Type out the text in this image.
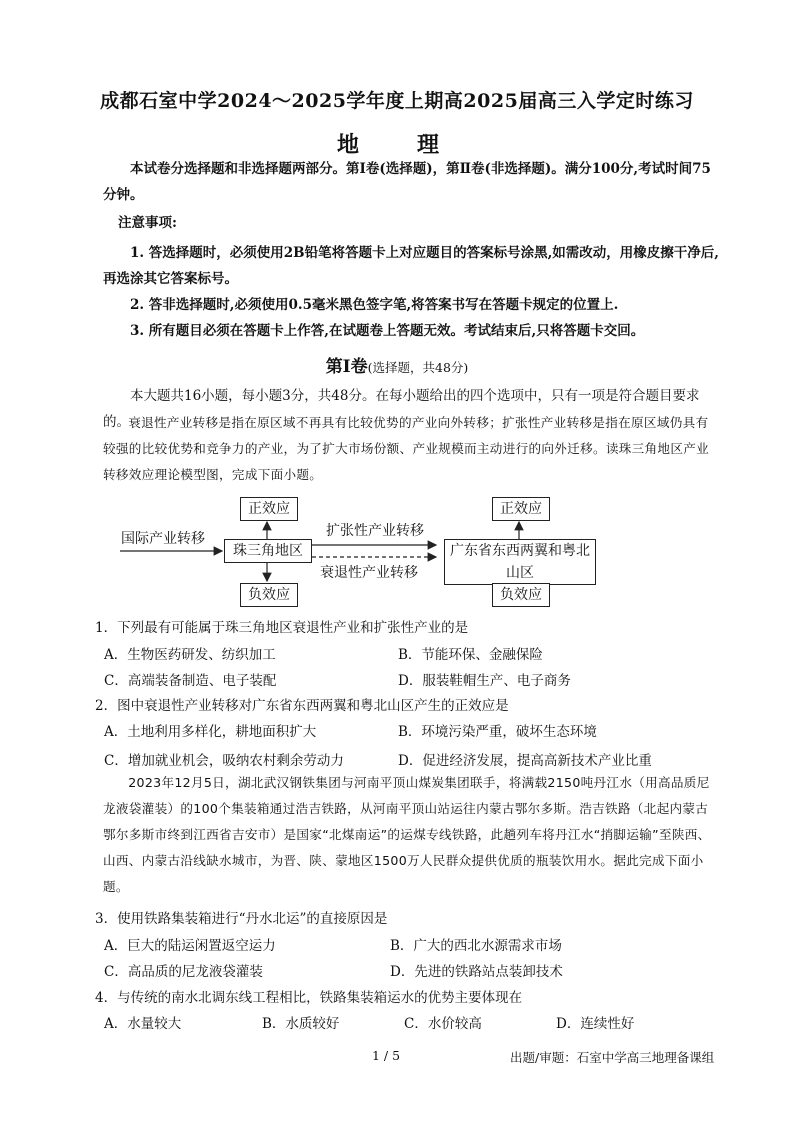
成都石室中学2024～2025学年度上期高2025届高三入学定时练习
地　理

本试卷分选择题和非选择题两部分。第Ⅰ卷(选择题)，第Ⅱ卷(非选择题)。满分100分,考试时间75分钟。

注意事项:

1. 答选择题时，必须使用2B铅笔将答题卡上对应题目的答案标号涂黑,如需改动，用橡皮擦干净后,再选涂其它答案标号。

2. 答非选择题时,必须使用0.5毫米黑色签字笔,将答案书写在答题卡规定的位置上.

3. 所有题目必须在答题卡上作答,在试题卷上答题无效。考试结束后,只将答题卡交回。

第Ⅰ卷(选择题，共48分)

本大题共16小题，每小题3分，共48分。在每小题给出的四个选项中，只有一项是符合题目要求的。

衰退性产业转移是指在原区域不再具有比较优势的产业向外转移；扩张性产业转移是指在原区域仍具有较强的比较优势和竞争力的产业，为了扩大市场份额、产业规模而主动进行的向外迁移。读珠三角地区产业转移效应理论模型图，完成下面小题。

国际产业转移
正效应
珠三角地区
负效应
扩张性产业转移
衰退性产业转移
正效应
广东省东西两翼和粤北山区
负效应

1．下列最有可能属于珠三角地区衰退性产业和扩张性产业的是

A．生物医药研发、纺织加工	B．节能环保、金融保险
C．高端装备制造、电子装配	D．服装鞋帽生产、电子商务

2．图中衰退性产业转移对广东省东西两翼和粤北山区产生的正效应是

A．土地利用多样化，耕地面积扩大	B．环境污染严重，破坏生态环境
C．增加就业机会，吸纳农村剩余劳动力	D．促进经济发展，提高高新技术产业比重

2023年12月5日，湖北武汉钢铁集团与河南平顶山煤炭集团联手，将满载2150吨丹江水（用高品质尼龙液袋灌装）的100个集装箱通过浩吉铁路，从河南平顶山站运往内蒙古鄂尔多斯。浩吉铁路（北起内蒙古鄂尔多斯市终到江西省吉安市）是国家“北煤南运”的运煤专线铁路，此趟列车将丹江水“捎脚运输”至陕西、山西、内蒙古沿线缺水城市，为晋、陕、蒙地区1500万人民群众提供优质的瓶装饮用水。据此完成下面小题。

3．使用铁路集装箱进行“丹水北运”的直接原因是

A．巨大的陆运闲置返空运力	B．广大的西北水源需求市场
C．高品质的尼龙液袋灌装	D．先进的铁路站点装卸技术

4．与传统的南水北调东线工程相比，铁路集装箱运水的优势主要体现在

A．水量较大	B．水质较好	C．水价较高	D．连续性好
1 / 5	出题/审题：石室中学高三地理备课组
